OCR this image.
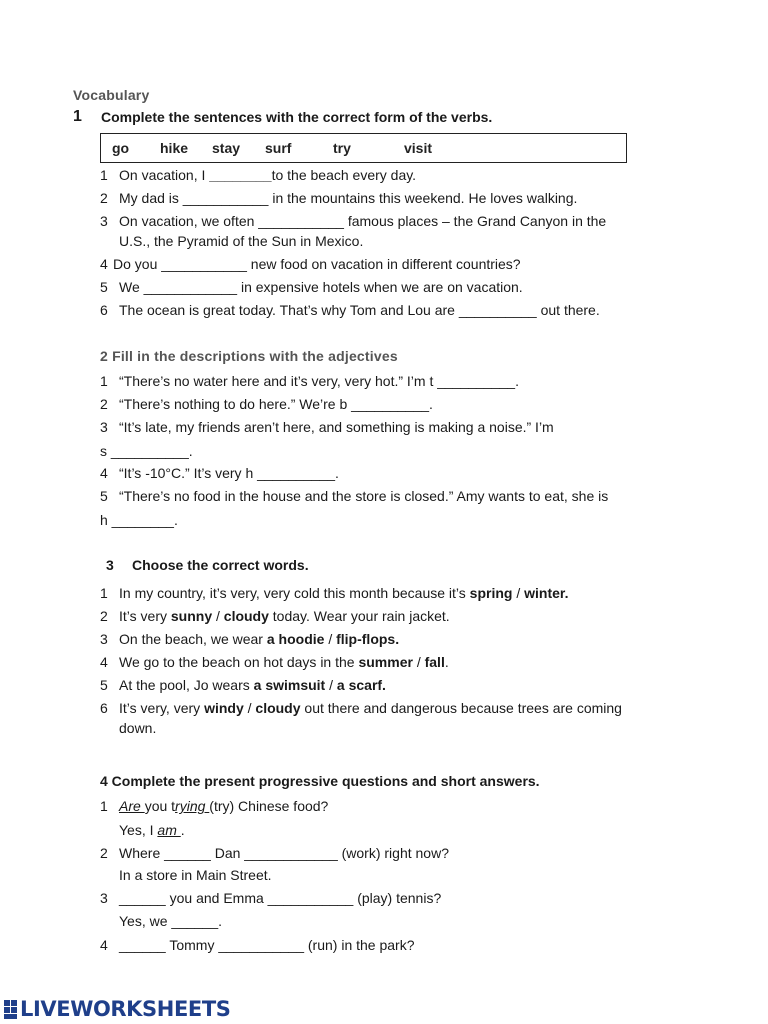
Vocabulary
1 Complete the sentences with the correct form of the verbs.
go hike stay surf	try	visit
1 On vacation, I ________to the beach every day.
2 My dad is ___________ in the mountains this weekend. He loves walking.
3 On vacation, we often ___________ famous places – the Grand Canyon in the
U.S., the Pyramid of the Sun in Mexico.
4 Do you ___________ new food on vacation in different countries?
5 We ____________ in expensive hotels when we are on vacation.
6 The ocean is great today. That’s why Tom and Lou are __________ out there.
2 Fill in the descriptions with the adjectives
1 “There’s no water here and it’s very, very hot.” I’m t __________.
2 “There’s nothing to do here.” We’re b __________.
3 “It’s late, my friends aren’t here, and something is making a noise.” I’m
s __________.
4 “It’s -10°C.” It’s very h __________.
5 “There’s no food in the house and the store is closed.” Amy wants to eat, she is
h ________.
3 Choose the correct words.
1 In my country, it’s very, very cold this month because it’s spring / winter.
2 It’s very sunny / cloudy today. Wear your rain jacket.
3 On the beach, we wear a hoodie / flip-flops.
4 We go to the beach on hot days in the summer / fall.
5 At the pool, Jo wears a swimsuit / a scarf.
6 It’s very, very windy / cloudy out there and dangerous because trees are coming
down.
4 Complete the present progressive questions and short answers.
1 Are you trying (try) Chinese food?
Yes, I am .
2 Where ______ Dan ____________ (work) right now?
In a store in Main Street.
3 ______ you and Emma ___________ (play) tennis?
Yes, we ______.
4 ______ Tommy ___________ (run) in the park?
LIVEWORKSHEETS
